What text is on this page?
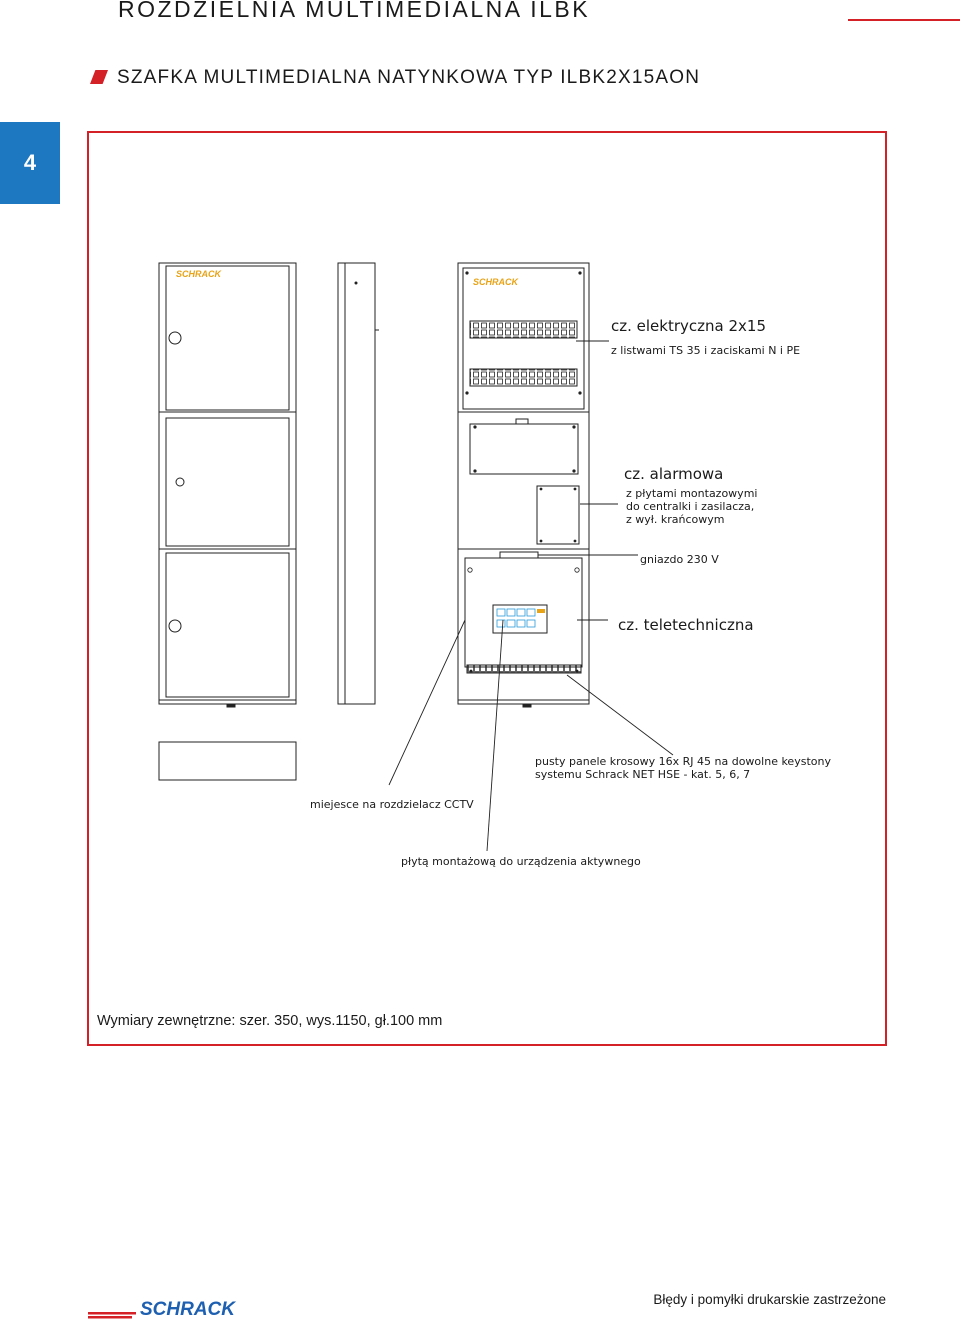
ROZDZIELNIA MULTIMEDIALNA ILBK
SZAFKA MULTIMEDIALNA NATYNKOWA TYP ILBK2X15AON
4
SCHRACK
SCHRACK
cz. elektryczna 2x15
z listwami TS 35 i zaciskami N i PE
cz. alarmowa
z płytami montazowymi
do centralki i zasilacza,
z wył. krańcowym
gniazdo 230 V
cz. teletechniczna
pusty panele krosowy 16x RJ 45 na dowolne keystony
systemu Schrack NET HSE - kat. 5, 6, 7
miejesce na rozdzielacz CCTV
płytą montażową do urządzenia aktywnego

Wymiary zewnętrzne: szer. 350, wys.1150, gł.100 mm

SCHRACK	Błędy i pomyłki drukarskie zastrzeżone
